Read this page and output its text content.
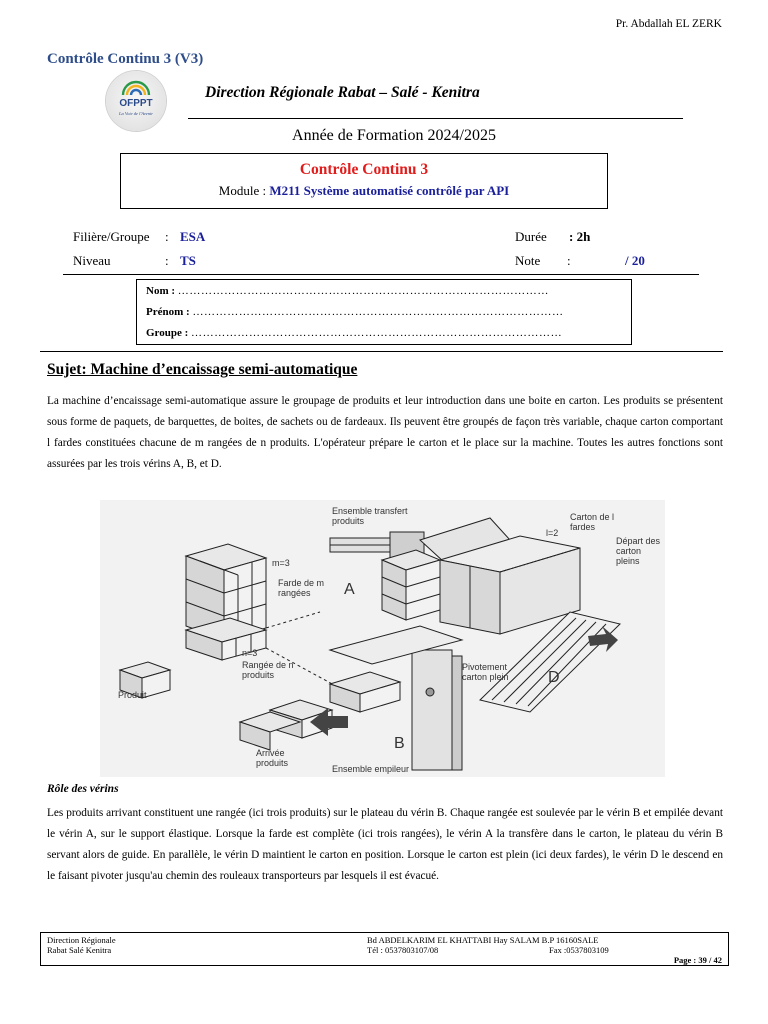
Pr. Abdallah EL ZERK
Contrôle Continu 3 (V3)
OFPPT
La Voie de l'Avenir
Direction Régionale Rabat – Salé - Kenitra
Année de Formation 2024/2025
Contrôle Continu 3
Module : M211 Système automatisé contrôlé par API
Filière/Groupe : ESA	Durée : 2h
Niveau	: TS	Note :	/ 20
Nom : ……………………………………………………………………………………
Prénom : ……………………………………………………………………………………
Groupe : ……………………………………………………………………………………
Sujet: Machine d’encaissage semi-automatique
La machine d’encaissage semi-automatique assure le groupage de produits et leur introduction dans une boite en carton. Les produits se présentent sous forme de paquets, de barquettes, de boites, de sachets ou de fardeaux. Ils peuvent être groupés de façon très variable, chaque carton comportant l fardes constituées chacune de m rangées de n produits. L'opérateur prépare le carton et le place sur la machine. Toutes les autres fonctions sont assurées par les trois vérins A, B, et D.
Ensemble transfert produits	Carton de l fardes
l=2
Départ des carton pleins
m=3
Farde de m rangées	A
n=3
Rangée de n produits
Produit
Pivotement carton plein	D
B
Arrivée produits
Ensemble empileur
Rôle des vérins
Les produits arrivant constituent une rangée (ici trois produits) sur le plateau du vérin B. Chaque rangée est soulevée par le vérin B et empilée devant le vérin A, sur le support élastique. Lorsque la farde est complète (ici trois rangées), le vérin A la transfère dans le carton, le plateau du vérin B servant alors de guide. En parallèle, le vérin D maintient le carton en position. Lorsque le carton est plein (ici deux fardes), le vérin D le descend en le faisant pivoter jusqu'au chemin des rouleaux transporteurs par lesquels il est évacué.
Direction Régionale
Rabat Salé Kenitra
Bd ABDELKARIM EL KHATTABI Hay SALAM B.P 16160SALE
Tél : 0537803107/08	Fax :0537803109
Page : 39 / 42
